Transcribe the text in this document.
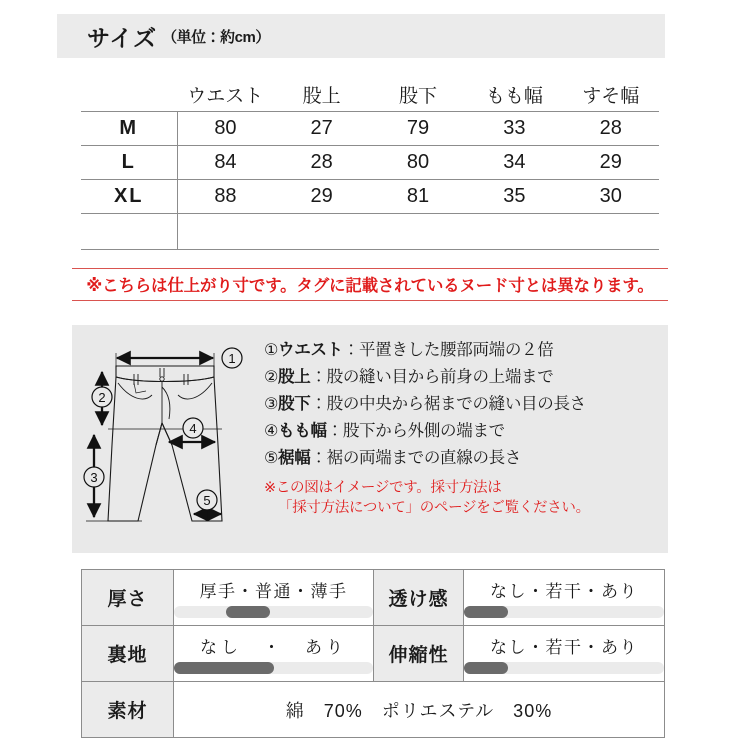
サイズ （単位：約cm）
	ウエスト	股上	股下	もも幅	すそ幅
M	80	27	79	33	28
L	84	28	80	34	29
XL	88	29	81	35	30

※こちらは仕上がり寸です。タグに記載されているヌード寸とは異なります。
1
2
3
4
5
①ウエスト：平置きした腰部両端の２倍
②股上：股の縫い目から前身の上端まで
③股下：股の中央から裾までの縫い目の長さ
④もも幅：股下から外側の端まで
⑤裾幅：裾の両端までの直線の長さ
※この図はイメージです。採寸方法は
「採寸方法について」のページをご覧ください。
厚さ	厚手・普通・薄手	透け感	なし・若干・あり

裏地	なし　・　あり	伸縮性	なし・若干・あり

素材	綿　70%　ポリエステル　30%		
